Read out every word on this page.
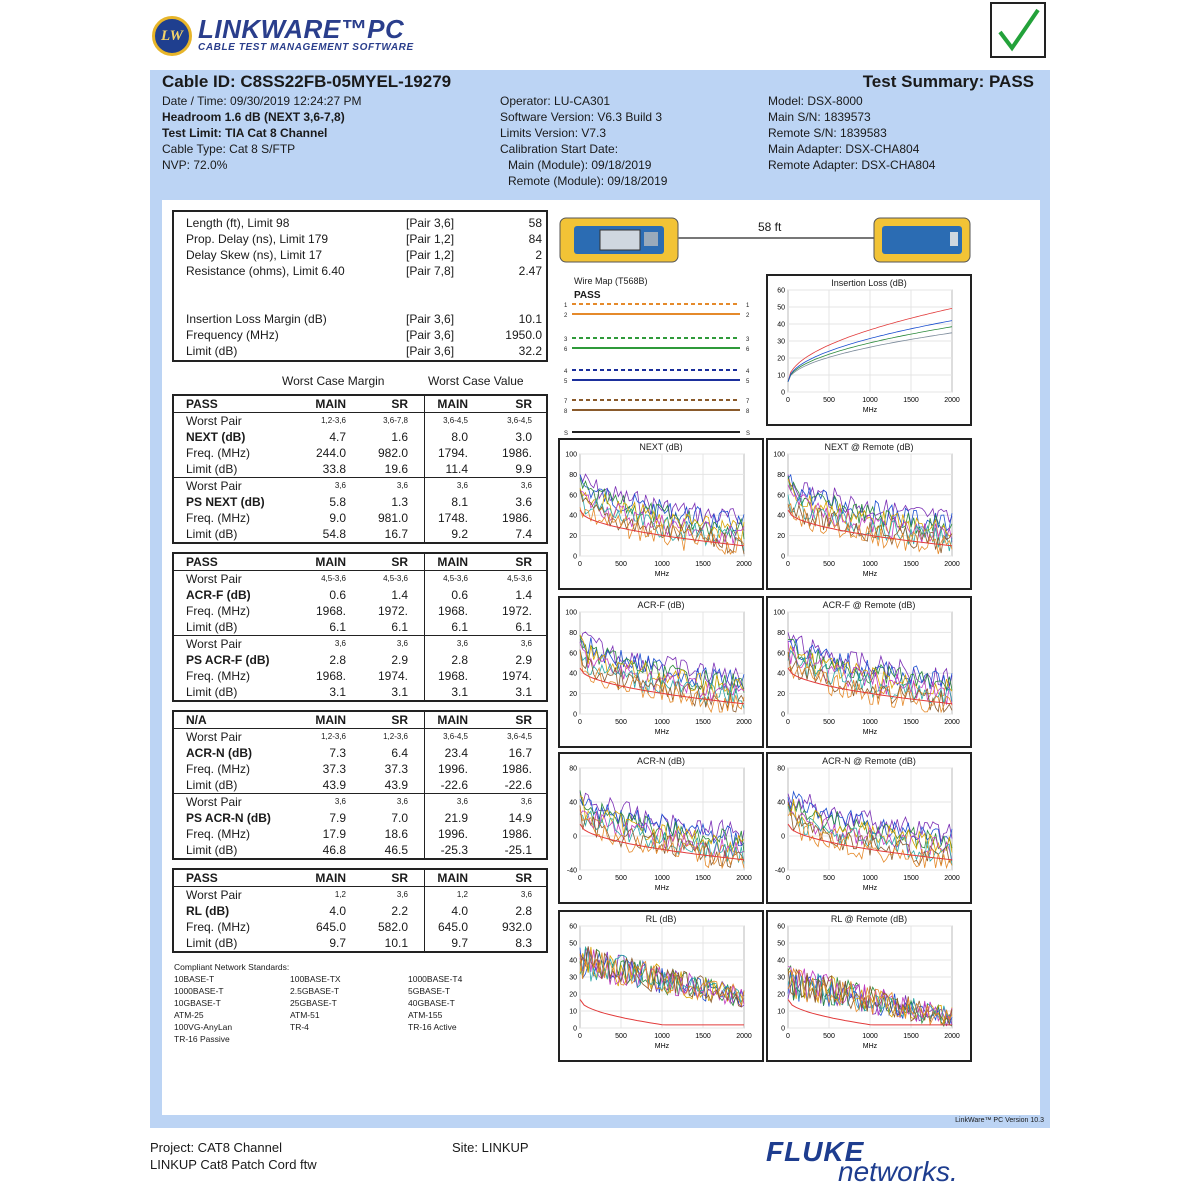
LW LINKWARE™PC
CABLE TEST MANAGEMENT SOFTWARE
Cable ID: C8SS22FB-05MYEL-19279	Test Summary: PASS
Date / Time: 09/30/2019 12:24:27 PM
Headroom 1.6 dB (NEXT 3,6-7,8)
Test Limit: TIA Cat 8 Channel
Cable Type: Cat 8 S/FTP
NVP: 72.0%
Operator: LU-CA301
Software Version: V6.3 Build 3
Limits Version: V7.3
Calibration Start Date:
Main (Module): 09/18/2019
Remote (Module): 09/18/2019
Model: DSX-8000
Main S/N: 1839573
Remote S/N: 1839583
Main Adapter: DSX-CHA804
Remote Adapter: DSX-CHA804
Length (ft), Limit 98	[Pair 3,6]	58
Prop. Delay (ns), Limit 179	[Pair 1,2]	84
Delay Skew (ns), Limit 17	[Pair 1,2]	2
Resistance (ohms), Limit 6.40	[Pair 7,8]	2.47
Insertion Loss Margin (dB)	[Pair 3,6]	10.1
Frequency (MHz)	[Pair 3,6]	1950.0
Limit (dB)	[Pair 3,6]	32.2
Worst Case Margin	Worst Case Value
PASS	MAIN	SR	MAIN	SR
Worst Pair	1,2-3,6	3,6-7,8	3,6-4,5	3,6-4,5
NEXT (dB)	4.7	1.6	8.0	3.0
Freq. (MHz)	244.0	982.0	1794.	1986.
Limit (dB)	33.8	19.6	11.4	9.9
Worst Pair	3,6	3,6	3,6	3,6
PS NEXT (dB)	5.8	1.3	8.1	3.6
Freq. (MHz)	9.0	981.0	1748.	1986.
Limit (dB)	54.8	16.7	9.2	7.4
PASS	MAIN	SR	MAIN	SR
Worst Pair	4,5-3,6	4,5-3,6	4,5-3,6	4,5-3,6
ACR-F (dB)	0.6	1.4	0.6	1.4
Freq. (MHz)	1968.	1972.	1968.	1972.
Limit (dB)	6.1	6.1	6.1	6.1
Worst Pair	3,6	3,6	3,6	3,6
PS ACR-F (dB)	2.8	2.9	2.8	2.9
Freq. (MHz)	1968.	1974.	1968.	1974.
Limit (dB)	3.1	3.1	3.1	3.1
N/A	MAIN	SR	MAIN	SR
Worst Pair	1,2-3,6	1,2-3,6	3,6-4,5	3,6-4,5
ACR-N (dB)	7.3	6.4	23.4	16.7
Freq. (MHz)	37.3	37.3	1996.	1986.
Limit (dB)	43.9	43.9	-22.6	-22.6
Worst Pair	3,6	3,6	3,6	3,6
PS ACR-N (dB)	7.9	7.0	21.9	14.9
Freq. (MHz)	17.9	18.6	1996.	1986.
Limit (dB)	46.8	46.5	-25.3	-25.1
PASS	MAIN	SR	MAIN	SR
Worst Pair	1,2	3,6	1,2	3,6
RL (dB)	4.0	2.2	4.0	2.8
Freq. (MHz)	645.0	582.0	645.0	932.0
Limit (dB)	9.7	10.1	9.7	8.3
Compliant Network Standards:
10BASE-T	100BASE-TX	1000BASE-T4
1000BASE-T	2.5GBASE-T	5GBASE-T
10GBASE-T	25GBASE-T	40GBASE-T
ATM-25	ATM-51	ATM-155
100VG-AnyLan	TR-4	TR-16 Active
TR-16 Passive
58 ft
Wire Map (T568B)
PASS
1	1
2	2
3	3
6	6
4	4
5	5
7	7
8	8
S	S
Insertion Loss (dB)
60
50
40
30
20
10
0
0	500	1000	1500	2000
MHz
NEXT (dB)
100
80
60
40
20
0
0	500	1000	1500	2000
MHz
NEXT @ Remote (dB)
100
80
60
40
20
0
0	500	1000	1500	2000
MHz
ACR-F (dB)
100
80
60
40
20
0
0	500	1000	1500	2000
MHz
ACR-F @ Remote (dB)
100
80
60
40
20
0
0	500	1000	1500	2000
MHz
ACR-N (dB)
80
40
0
-40
0	500	1000	1500	2000
MHz
ACR-N @ Remote (dB)
80
40
0
-40
0	500	1000	1500	2000
MHz
RL (dB)
60
50
40
30
20
10
0
0	500	1000	1500	2000
MHz
RL @ Remote (dB)
60
50
40
30
20
10
0
0	500	1000	1500	2000
MHz
LinkWare™ PC Version 10.3
Project: CAT8 Channel	Site: LINKUP
LINKUP Cat8 Patch Cord ftw	FLUKE
networks.
